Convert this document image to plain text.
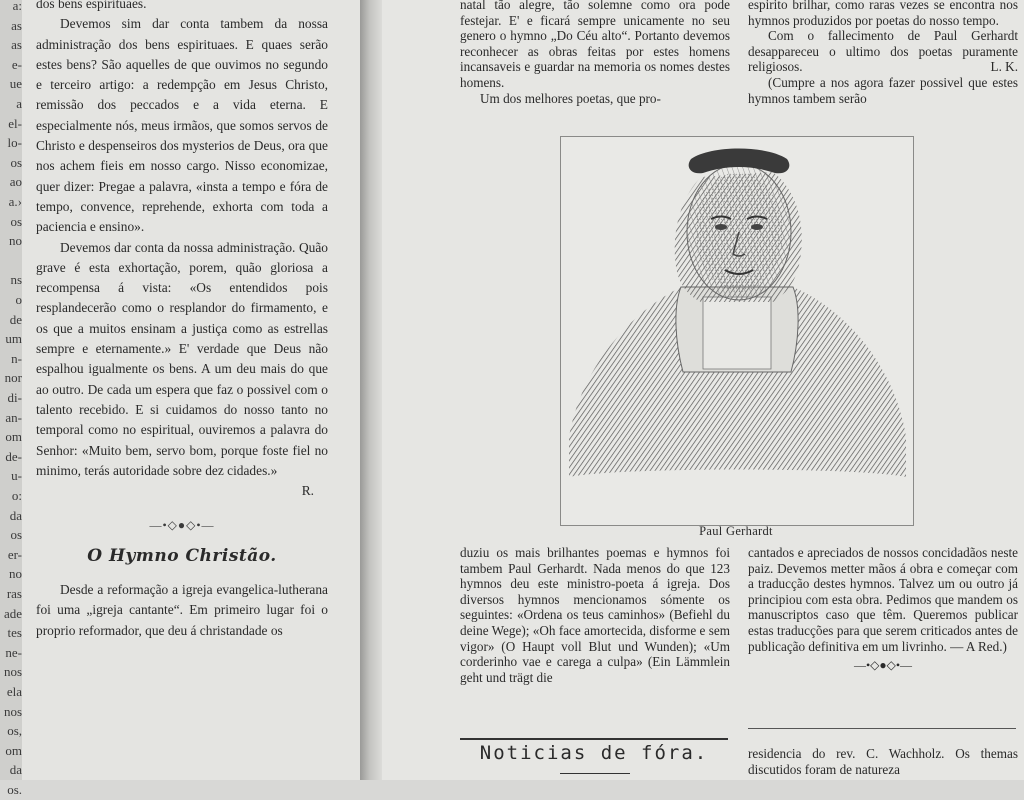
a:
as
as
e-
ue
a
el-
lo-
os
ao
a.›
os
no
ns
o
de
um
n-
nor
di-
an-
om
de-
u-
o:
da
os
er-
no
ras
ade
tes
ne-
nos
ela
nos
os,
om
da
os.

dos bens espirituaes.

Devemos sim dar conta tambem da nossa administração dos bens espirituaes. E quaes serão estes bens? São aquelles de que ouvimos no segundo e terceiro artigo: a redempção em Jesus Christo, remissão dos peccados e a vida eterna. E especialmente nós, meus irmãos, que somos servos de Christo e despenseiros dos mysterios de Deus, ora que nos achem fieis em nosso cargo. Nisso economizae, quer dizer: Pregae a palavra, «insta a tempo e fóra de tempo, convence, reprehende, exhorta com toda a paciencia e ensino».

Devemos dar conta da nossa administração. Quão grave é esta exhortação, porem, quão gloriosa a recompensa á vista: «Os entendidos pois resplandecerão como o resplandor do firmamento, e os que a muitos ensinam a justiça como as estrellas sempre e eternamente.» E' verdade que Deus não espalhou igualmente os bens. A um deu mais do que ao outro. De cada um espera que faz o possivel com o talento recebido. E si cuidamos do nosso tanto no temporal como no espiritual, ouviremos a palavra do Senhor: «Muito bem, servo bom, porque foste fiel no minimo, terás autoridade sobre dez cidades.»

R.

—•◇●◇•—
O Hymno Christão.

Desde a reformação a igreja evangelica-lutherana foi uma „igreja cantante“. Em primeiro lugar foi o proprio reformador, que deu á christandade os

natal tão alegre, tão solemne como ora pode festejar. E' e ficará sempre unicamente no seu genero o hymno „Do Céu alto“. Portanto devemos reconhecer as obras feitas por estes homens incansaveis e guardar na memoria os nomes destes homens.

Um dos melhores poetas, que pro-

espirito brilhar, como raras vezes se encontra nos hymnos produzidos por poetas do nosso tempo.

Com o fallecimento de Paul Gerhardt desappareceu o ultimo dos poetas puramente religiosos.	L. K.

(Cumpre a nos agora fazer possivel que estes hymnos tambem serão

Paul Gerhardt

duziu os mais brilhantes poemas e hymnos foi tambem Paul Gerhardt. Nada menos do que 123 hymnos deu este ministro-poeta á igreja. Dos diversos hymnos mencionamos sómente os seguintes: «Ordena os teus caminhos» (Befiehl du deine Wege); «Oh face amortecida, disforme e sem vigor» (O Haupt voll Blut und Wunden); «Um corderinho vae e carega a culpa» (Ein Lämmlein geht und trägt die

cantados e apreciados de nossos concidadãos neste paiz. Devemos metter mãos á obra e começar com a traducção destes hymnos. Talvez um ou outro já principiou com esta obra. Pedimos que mandem os manuscriptos caso que têm. Queremos publicar estas traducções para que serem criticados antes de publicação definitiva em um livrinho. — A Red.)

—•◇●◇•—
Noticias de fóra.	residencia do rev. C. Wachholz. Os themas discutidos foram de natureza
